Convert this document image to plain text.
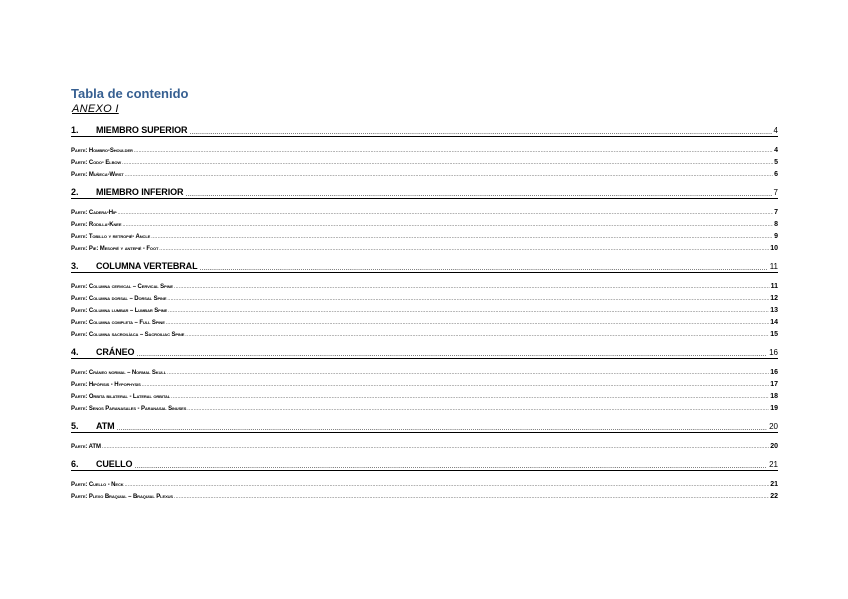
Tabla de contenido
ANEXO I
1.	MIEMBRO SUPERIOR .....	4
Parte: Hombro-Shoulder .....	4
Parte: Codo- Elbow .....	5
Parte: Muñeca-Wirst .....	6
2.	MIEMBRO INFERIOR .....	7
Parte: Cadera-Hip .....	7
Parte: Rodilla-Knee .....	8
Parte: Tobillo y retropié- Ancle .....	9
Parte: Pie: Mesopié y antepié - Foot .....	10
3.	COLUMNA VERTEBRAL .....	11
Parte: Columna cervical – Cervical Spine .....	11
Parte: Columna dorsal – Dorsal Spine .....	12
Parte: Columna lumbar – Lumbar Spine .....	13
Parte: Columna completa – Full Spine .....	14
Parte: Columna sacroilíaca – Sacroiliac Spine .....	15
4.	CRÁNEO .....	16
Parte: Cráneo normal – Normal Skull .....	16
Parte: Hipófisis - Hypophysis .....	17
Parte: Orbita bilateral - Lateral orbital .....	18
Parte: Senos Paranasales - Paranasal Sinuses .....	19
5.	ATM .....	20
Parte: ATM .....	20
6.	CUELLO .....	21
Parte: Cuello - Neck .....	21
Parte: Plexo Braquial – Braquial Plexus .....	22
